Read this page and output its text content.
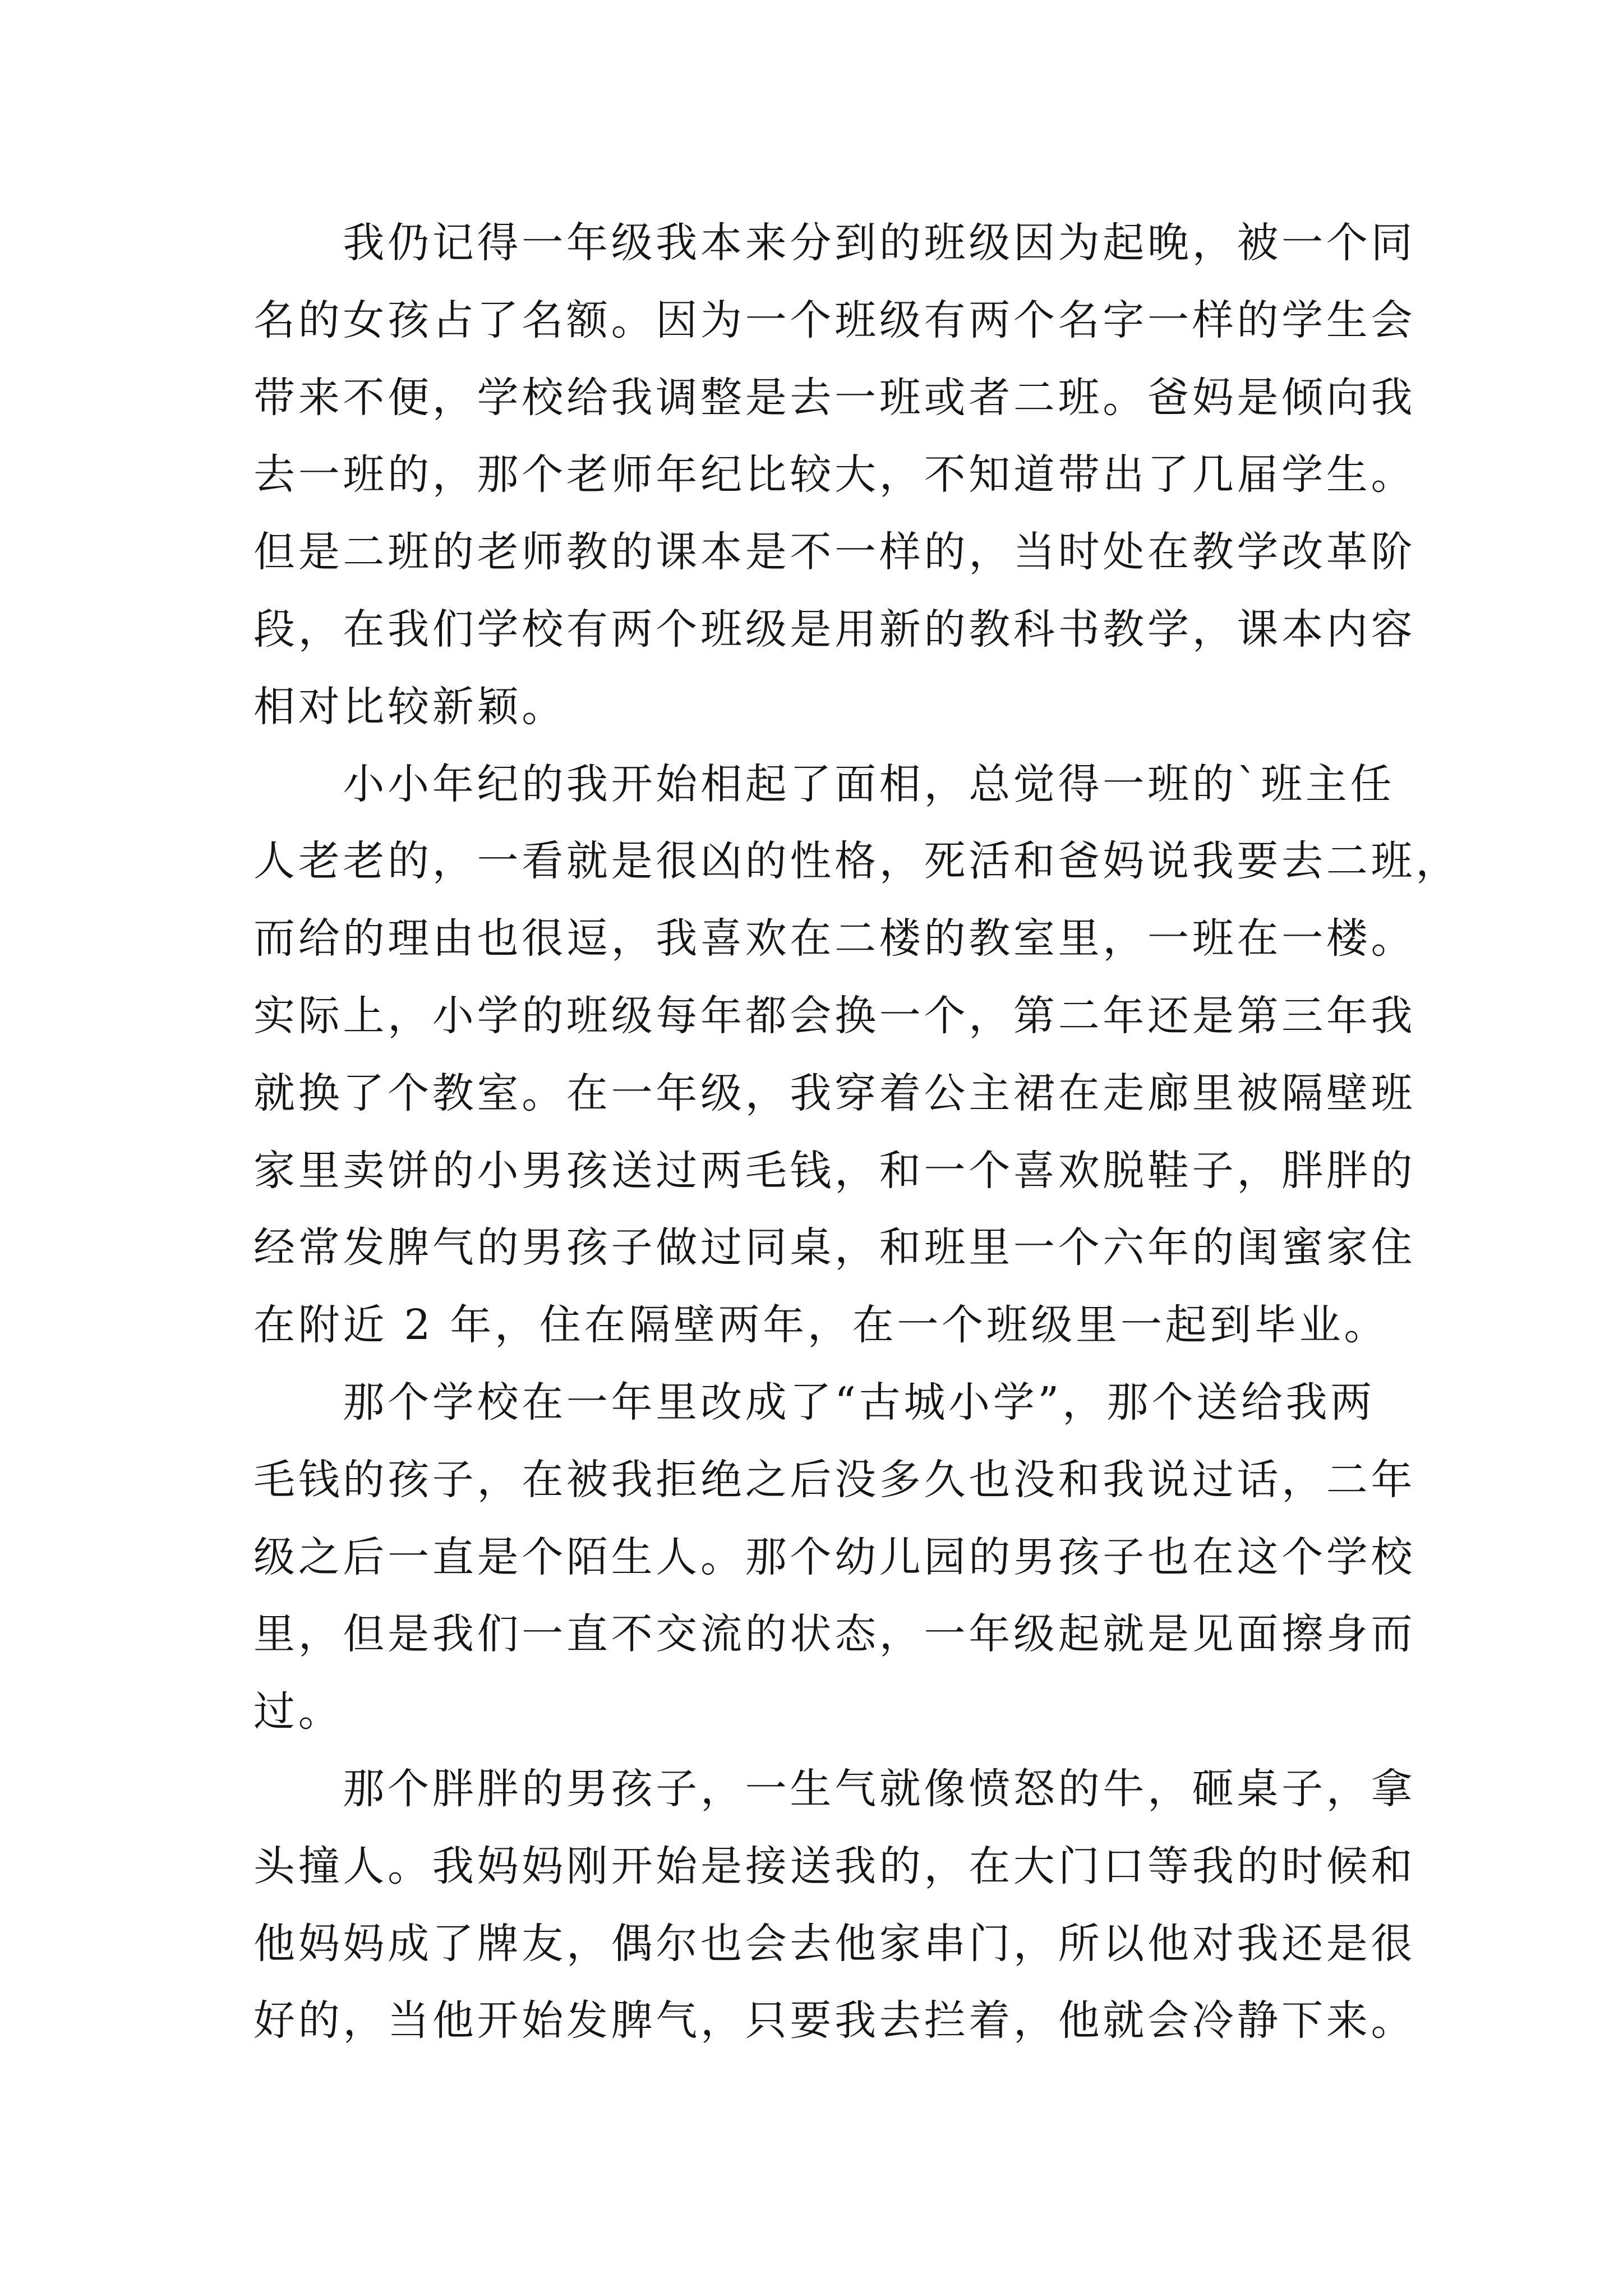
我仍记得一年级我本来分到的班级因为起晚，被一个同
名的女孩占了名额。因为一个班级有两个名字一样的学生会
带来不便，学校给我调整是去一班或者二班。爸妈是倾向我
去一班的，那个老师年纪比较大，不知道带出了几届学生。
但是二班的老师教的课本是不一样的，当时处在教学改革阶
段，在我们学校有两个班级是用新的教科书教学，课本内容
相对比较新颖。
小小年纪的我开始相起了面相，总觉得一班的`班主任
人老老的，一看就是很凶的性格，死活和爸妈说我要去二班，
而给的理由也很逗，我喜欢在二楼的教室里，一班在一楼。
实际上，小学的班级每年都会换一个，第二年还是第三年我
就换了个教室。在一年级，我穿着公主裙在走廊里被隔壁班
家里卖饼的小男孩送过两毛钱，和一个喜欢脱鞋子，胖胖的
经常发脾气的男孩子做过同桌，和班里一个六年的闺蜜家住
在附近 2 年，住在隔壁两年，在一个班级里一起到毕业。
那个学校在一年里改成了“古城小学”，那个送给我两
毛钱的孩子，在被我拒绝之后没多久也没和我说过话，二年
级之后一直是个陌生人。那个幼儿园的男孩子也在这个学校
里，但是我们一直不交流的状态，一年级起就是见面擦身而
过。
那个胖胖的男孩子，一生气就像愤怒的牛，砸桌子，拿
头撞人。我妈妈刚开始是接送我的，在大门口等我的时候和
他妈妈成了牌友，偶尔也会去他家串门，所以他对我还是很
好的，当他开始发脾气，只要我去拦着，他就会冷静下来。
